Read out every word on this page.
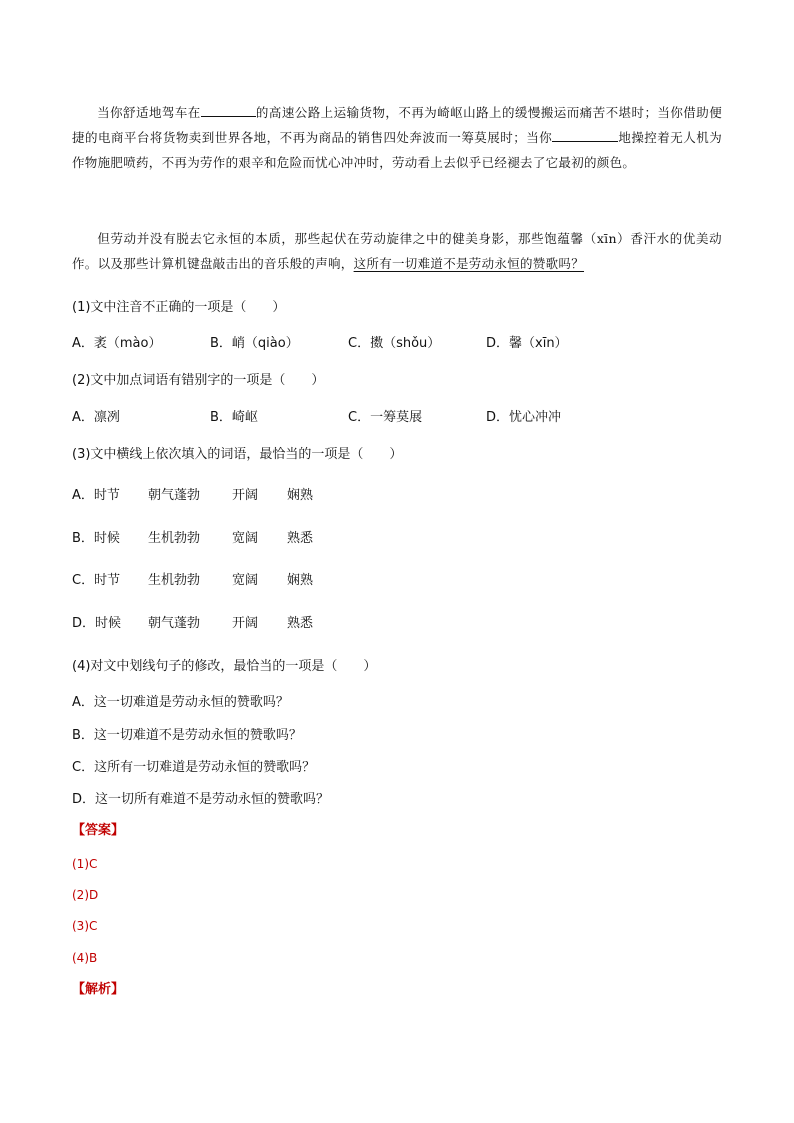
当你舒适地驾车在	的高速公路上运输货物，不再为崎岖山路上的缓慢搬运而痛苦不堪时；当你借助便捷的电商平台将货物卖到世界各地，不再为商品的销售四处奔波而一筹莫展时；当你	地操控着无人机为作物施肥喷药，不再为劳作的艰辛和危险而忧心冲冲时，劳动看上去似乎已经褪去了它最初的颜色。

但劳动并没有脱去它永恒的本质，那些起伏在劳动旋律之中的健美身影，那些饱蕴馨（xīn）香汗水的优美动作。以及那些计算机键盘敲击出的音乐般的声响，这所有一切难道不是劳动永恒的赞歌吗？

(1)文中注音不正确的一项是（　　）

A．袤（mào）	B．峭（qiào）	C．擞（shǒu）	D．馨（xīn）

(2)文中加点词语有错别字的一项是（　　）

A．凛冽	B．崎岖	C．一筹莫展	D．忧心冲冲

(3)文中横线上依次填入的词语，最恰当的一项是（　　）

A．时节 朝气蓬勃 开阔 娴熟
B．时候 生机勃勃 宽阔 熟悉
C．时节 生机勃勃 宽阔 娴熟
D．时候 朝气蓬勃 开阔 熟悉

(4)对文中划线句子的修改，最恰当的一项是（　　）

A．这一切难道是劳动永恒的赞歌吗？

B．这一切难道不是劳动永恒的赞歌吗？

C．这所有一切难道是劳动永恒的赞歌吗？

D．这一切所有难道不是劳动永恒的赞歌吗？

【答案】
(1)C
(2)D
(3)C
(4)B
【解析】
